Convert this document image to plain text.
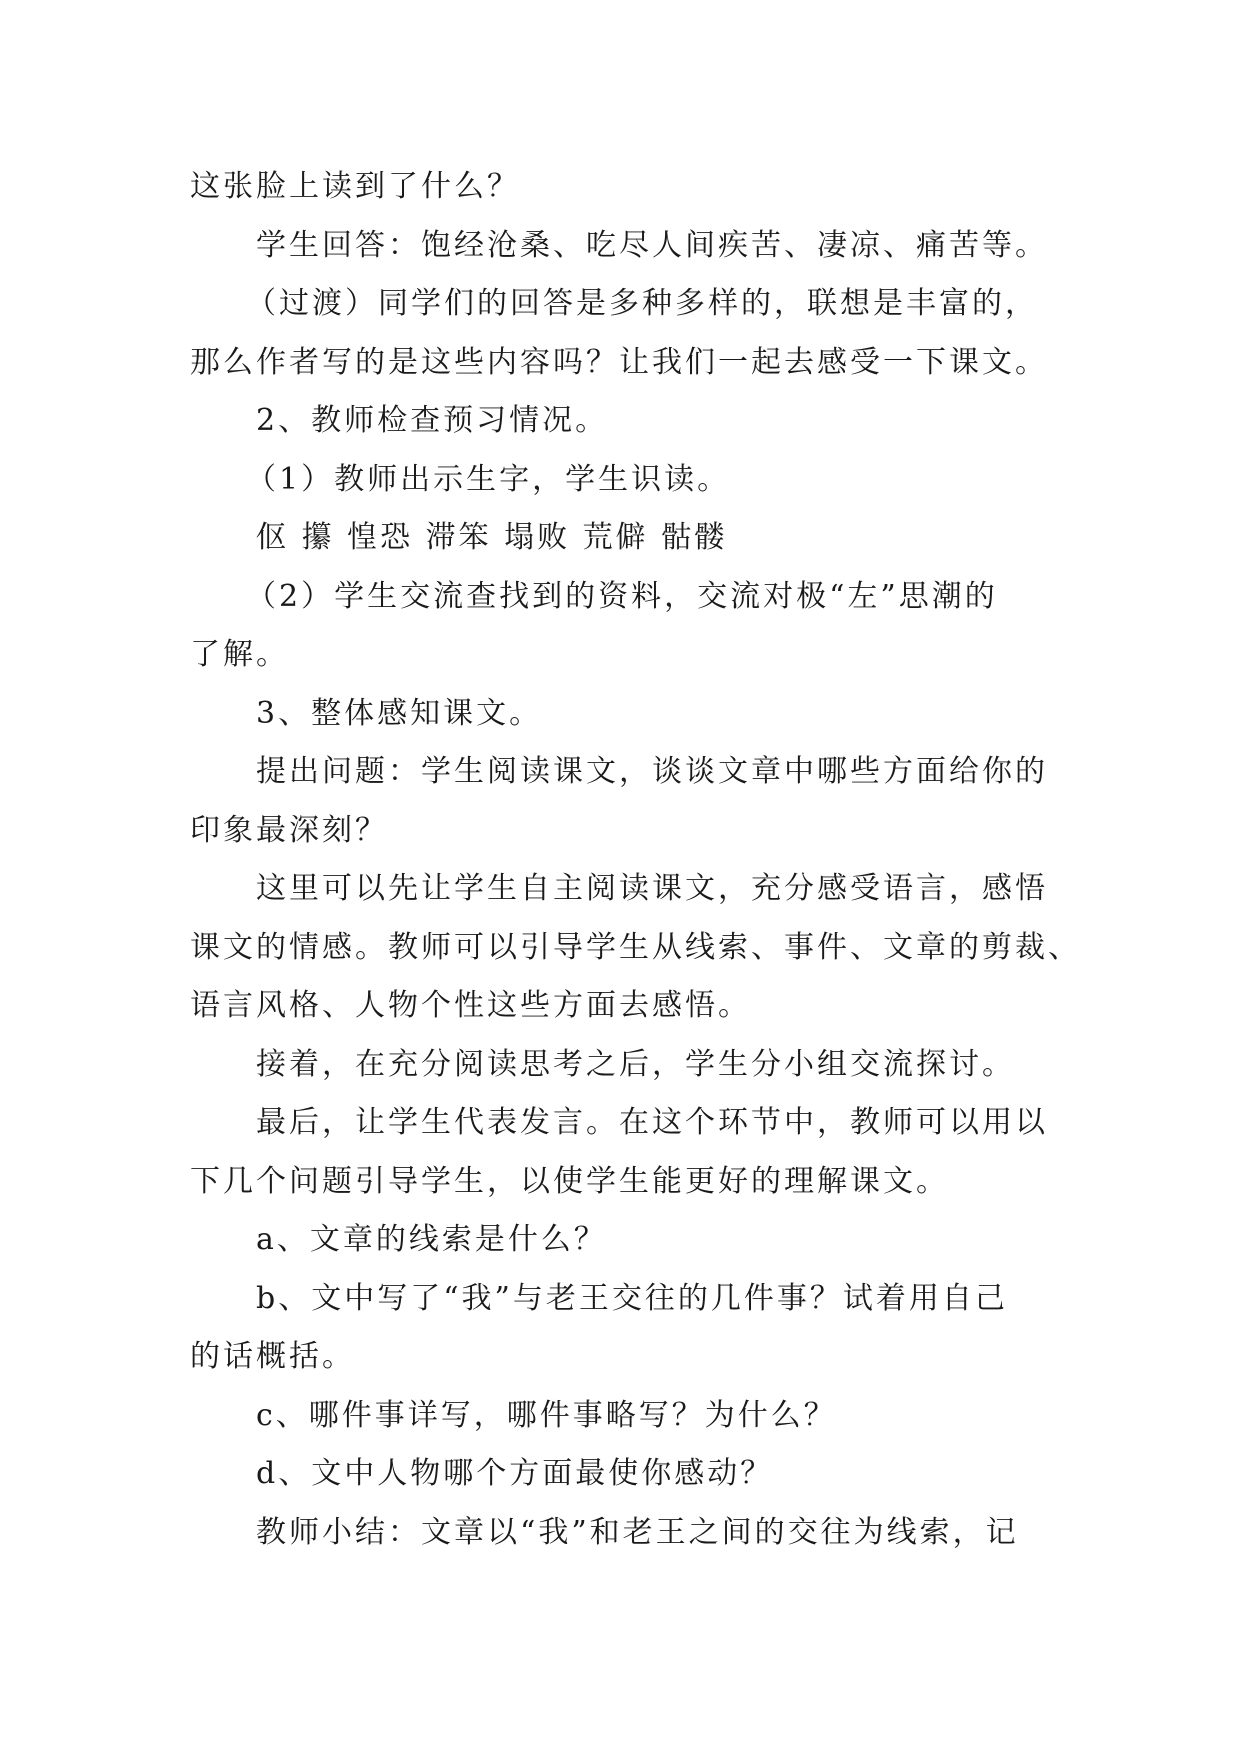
这张脸上读到了什么？
学生回答：饱经沧桑、吃尽人间疾苦、凄凉、痛苦等。
（过渡）同学们的回答是多种多样的，联想是丰富的，
那么作者写的是这些内容吗？让我们一起去感受一下课文。
2、教师检查预习情况。
（1）教师出示生字，学生识读。
伛 攥 惶恐 滞笨 塌败 荒僻 骷髅
（2）学生交流查找到的资料，交流对极“左”思潮的
了解。
3、整体感知课文。
提出问题：学生阅读课文，谈谈文章中哪些方面给你的
印象最深刻？
这里可以先让学生自主阅读课文，充分感受语言，感悟
课文的情感。教师可以引导学生从线索、事件、文章的剪裁、
语言风格、人物个性这些方面去感悟。
接着，在充分阅读思考之后，学生分小组交流探讨。
最后，让学生代表发言。在这个环节中，教师可以用以
下几个问题引导学生，以使学生能更好的理解课文。
a、文章的线索是什么？
b、文中写了“我”与老王交往的几件事？试着用自己
的话概括。
c、哪件事详写，哪件事略写？为什么？
d、文中人物哪个方面最使你感动？
教师小结：文章以“我”和老王之间的交往为线索，记
